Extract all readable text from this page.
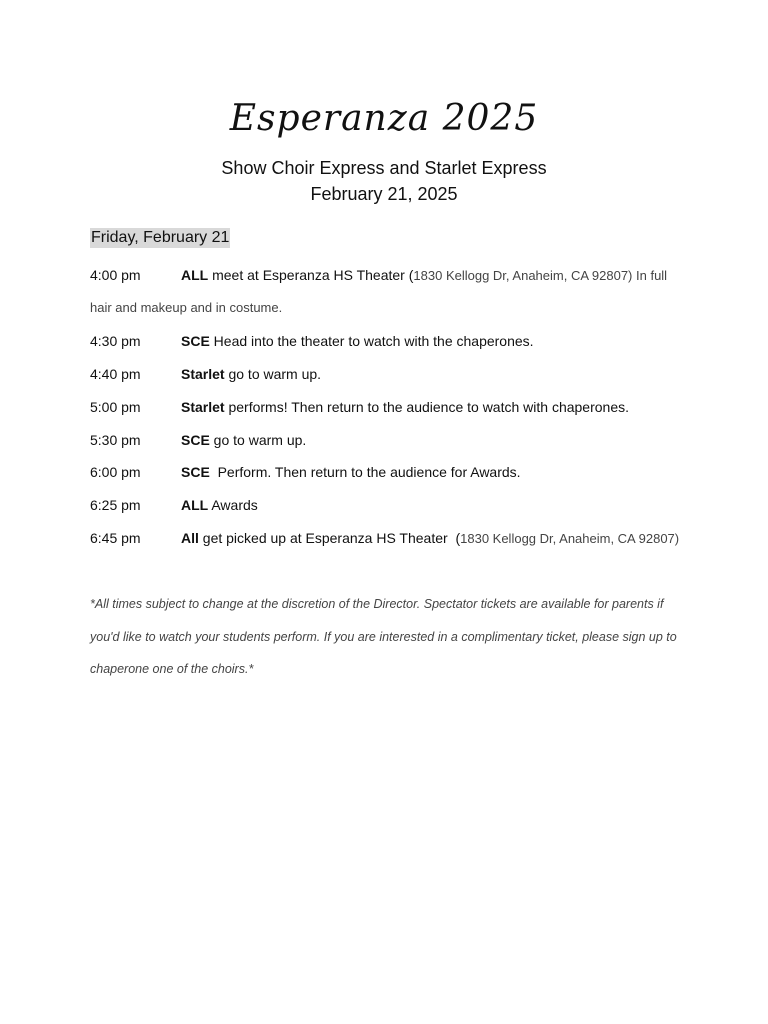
Esperanza 2025
Show Choir Express and Starlet Express
February 21, 2025
Friday, February 21
4:00 pm	ALL meet at Esperanza HS Theater (1830 Kellogg Dr, Anaheim, CA 92807) In full
hair and makeup and in costume.
4:30 pm	SCE Head into the theater to watch with the chaperones.
4:40 pm	Starlet go to warm up.
5:00 pm	Starlet performs! Then return to the audience to watch with chaperones.
5:30 pm	SCE go to warm up.
6:00 pm	SCE  Perform. Then return to the audience for Awards.
6:25 pm	ALL Awards
6:45 pm	All get picked up at Esperanza HS Theater  (1830 Kellogg Dr, Anaheim, CA 92807)
*All times subject to change at the discretion of the Director. Spectator tickets are available for parents if you'd like to watch your students perform. If you are interested in a complimentary ticket, please sign up to chaperone one of the choirs.*
